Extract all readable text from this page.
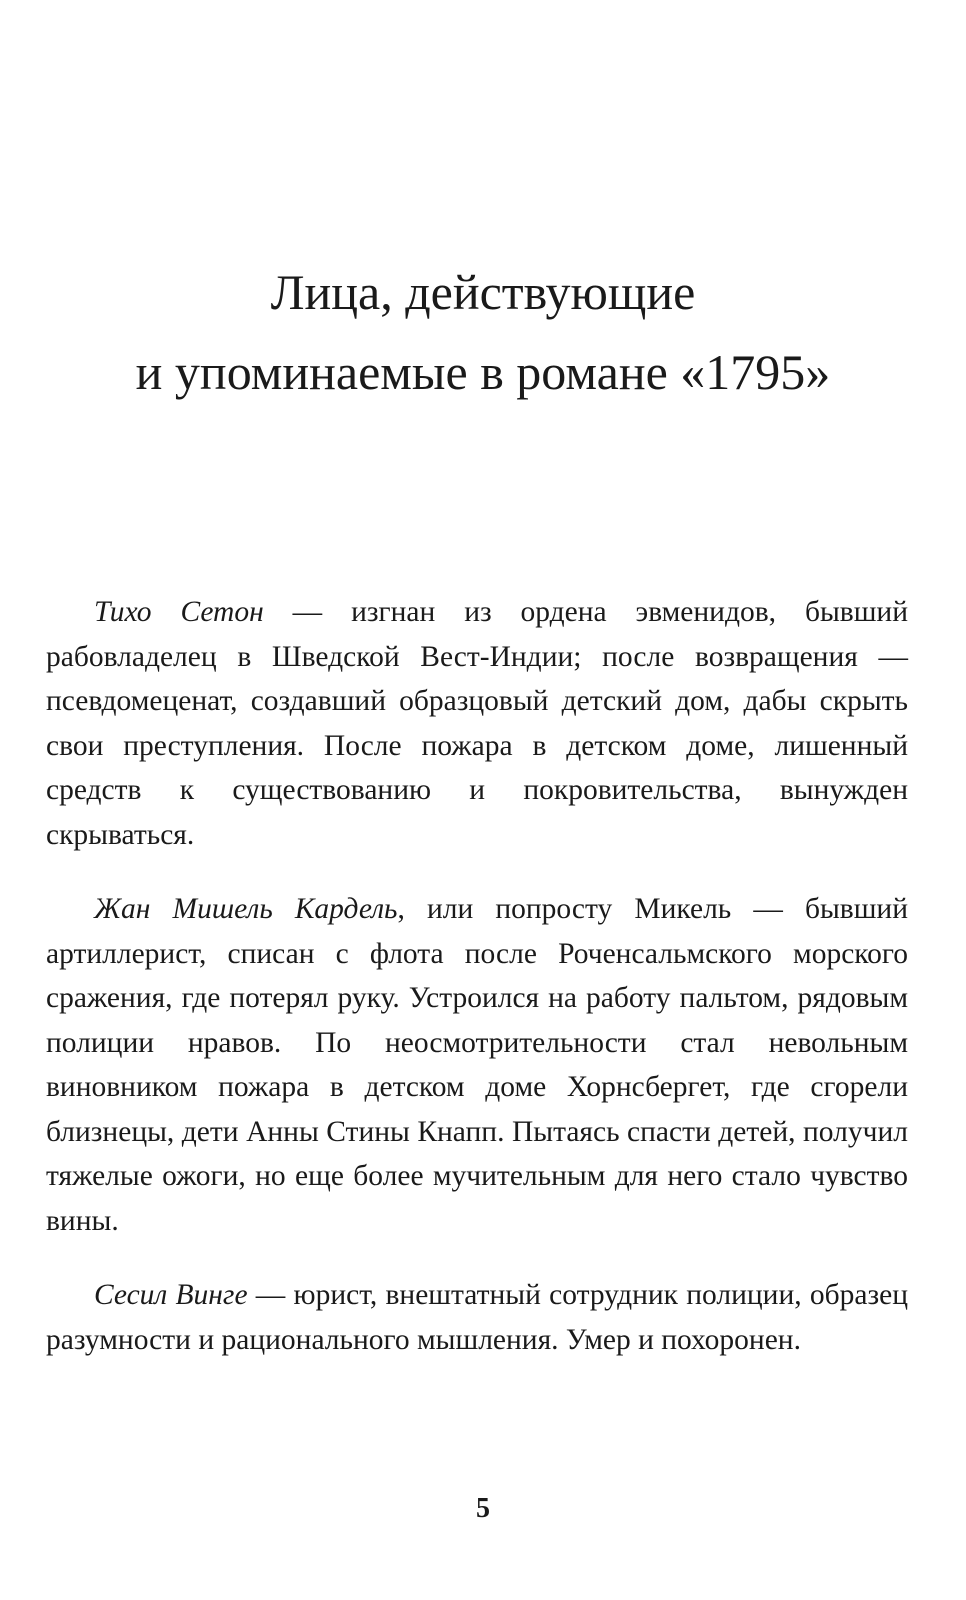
Лица, действующие
и упоминаемые в романе «1795»

Тихо Сетон — изгнан из ордена эвменидов, бывший рабовладелец в Шведской Вест-Индии; после возвращения — псевдомеценат, создавший образцовый детский дом, дабы скрыть свои преступления. После пожара в детском доме, лишенный средств к существованию и покровительства, вынужден скрываться.

Жан Мишель Кардель, или попросту Микель — бывший артиллерист, списан с флота после Роченсальмского морского сражения, где потерял руку. Устроился на работу пальтом, рядовым полиции нравов. По неосмотрительности стал невольным виновником пожара в детском доме Хорнсбергет, где сгорели близнецы, дети Анны Стины Кнапп. Пытаясь спасти детей, получил тяжелые ожоги, но еще более мучительным для него стало чувство вины.

Сесил Винге — юрист, внештатный сотрудник полиции, образец разумности и рационального мышления. Умер и похоронен.

5
